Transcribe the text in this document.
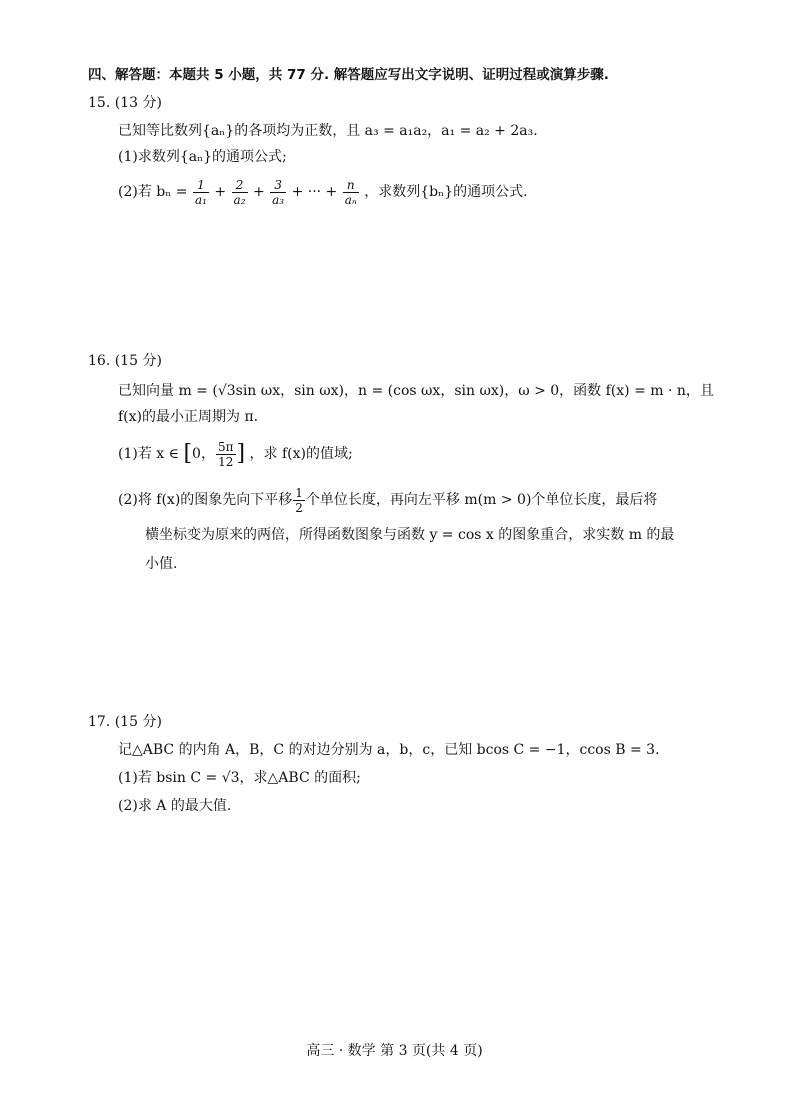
四、解答题：本题共 5 小题，共 77 分. 解答题应写出文字说明、证明过程或演算步骤.
15. (13 分)
已知等比数列{aₙ}的各项均为正数，且 a₃ = a₁a₂，a₁ = a₂ + 2a₃.
(1)求数列{aₙ}的通项公式;
(2)若 $b_n = \frac{1}{\text{a₁}} + \frac{2}{\text{a₂}} + \frac{3}{\text{a₃}}$ + ··· + $\frac{n}{\text{aₙ}}$ ，求数列{bₙ}的通项公式.
16. (15 分)
已知向量 m = (√3sin ωx，sin ωx)，n = (cos ωx，sin ωx)，ω > 0，函数 f(x) = m · n，且
f(x)的最小正周期为 π.
(1)若 x ∈ [0， $\frac{5\pi}{12}$ ] ，求 f(x)的值域;
(2)将 f(x)的图象先向下平移 $\frac{1}{2}$ 个单位长度，再向左平移 m(m > 0)个单位长度，最后将
横坐标变为原来的两倍，所得函数图象与函数 y = cos x 的图象重合，求实数 m 的最
小值.
17. (15 分)
记△ABC 的内角 A，B，C 的对边分别为 a，b，c，已知 bcos C = −1，ccos B = 3.
(1)若 bsin C = √3，求△ABC 的面积;
(2)求 A 的最大值.
高三 · 数学 第 3 页(共 4 页)
